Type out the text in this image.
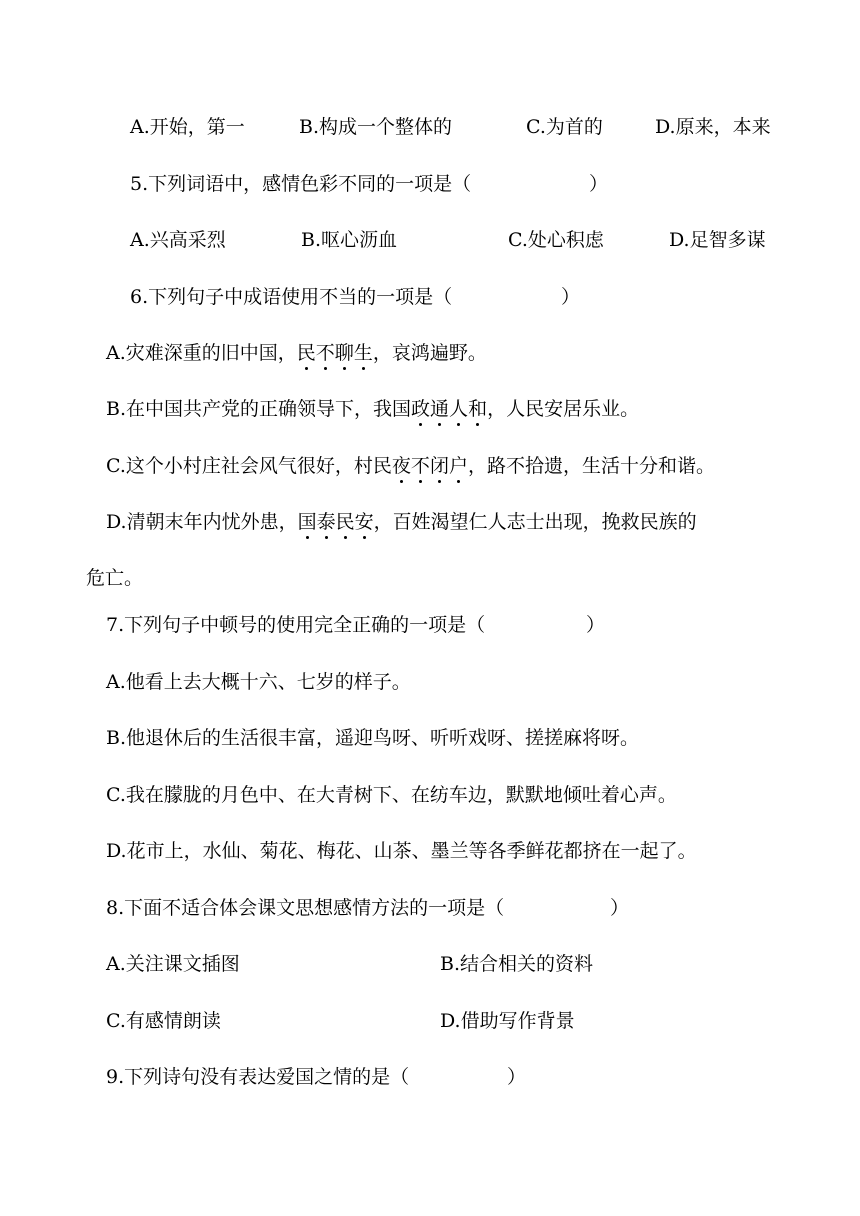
A.开始，第一	B.构成一个整体的	C.为首的	D.原来，本来
5.下列词语中，感情色彩不同的一项是（	）
A.兴高采烈	B.呕心沥血	C.处心积虑	D.足智多谋
6.下列句子中成语使用不当的一项是（	）
A.灾难深重的旧中国，民不聊生，哀鸿遍野。
B.在中国共产党的正确领导下，我国政通人和，人民安居乐业。
C.这个小村庄社会风气很好，村民夜不闭户，路不拾遗，生活十分和谐。
D.清朝末年内忧外患，国泰民安，百姓渴望仁人志士出现，挽救民族的
危亡。
7.下列句子中顿号的使用完全正确的一项是（	）
A.他看上去大概十六、七岁的样子。
B.他退休后的生活很丰富，遥迎鸟呀、听听戏呀、搓搓麻将呀。
C.我在朦胧的月色中、在大青树下、在纺车边，默默地倾吐着心声。
D.花市上，水仙、菊花、梅花、山茶、墨兰等各季鲜花都挤在一起了。
8.下面不适合体会课文思想感情方法的一项是（	）
A.关注课文插图	B.结合相关的资料
C.有感情朗读	D.借助写作背景
9.下列诗句没有表达爱国之情的是（	）
